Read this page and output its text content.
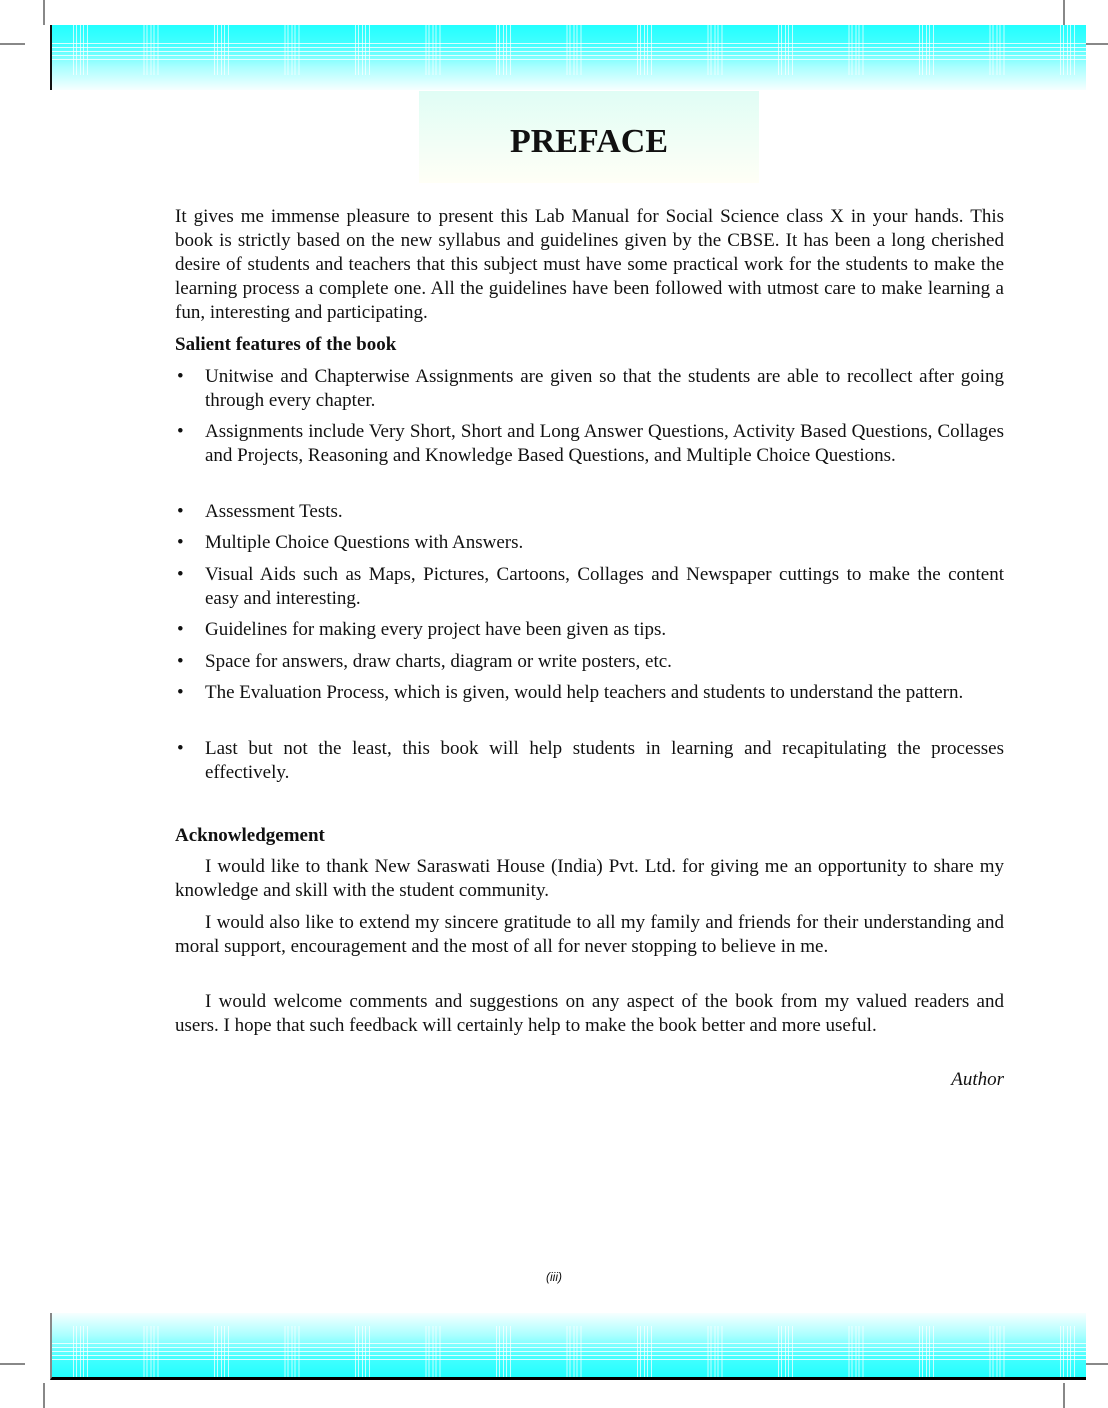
PREFACE
It gives me immense pleasure to present this Lab Manual for Social Science class X in your hands. This book is strictly based on the new syllabus and guidelines given by the CBSE. It has been a long cherished desire of students and teachers that this subject must have some practical work for the students to make the learning process a complete one. All the guidelines have been followed with utmost care to make learning a fun, interesting and participating.
Salient features of the book
• Unitwise and Chapterwise Assignments are given so that the students are able to recollect after going through every chapter.
• Assignments include Very Short, Short and Long Answer Questions, Activity Based Questions, Collages and Projects, Reasoning and Knowledge Based Questions, and Multiple Choice Questions.
• Assessment Tests.
• Multiple Choice Questions with Answers.
• Visual Aids such as Maps, Pictures, Cartoons, Collages and Newspaper cuttings to make the content easy and interesting.
• Guidelines for making every project have been given as tips.
• Space for answers, draw charts, diagram or write posters, etc.
• The Evaluation Process, which is given, would help teachers and students to understand the pattern.
• Last but not the least, this book will help students in learning and recapitulating the processes effectively.
Acknowledgement
I would like to thank New Saraswati House (India) Pvt. Ltd. for giving me an opportunity to share my knowledge and skill with the student community.
I would also like to extend my sincere gratitude to all my family and friends for their understanding and moral support, encouragement and the most of all for never stopping to believe in me.
I would welcome comments and suggestions on any aspect of the book from my valued readers and users. I hope that such feedback will certainly help to make the book better and more useful.
Author
(iii)
